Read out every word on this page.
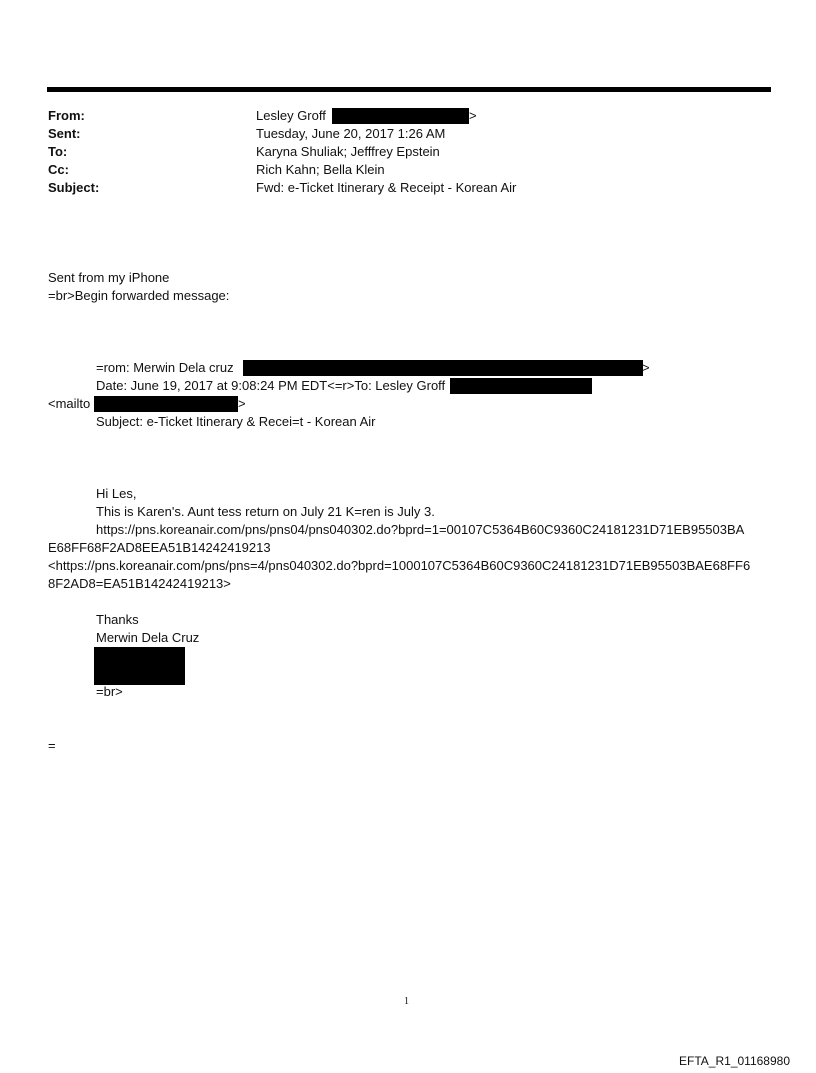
From:	Lesley Groff	>
Sent:	Tuesday, June 20, 2017 1:26 AM
To:	Karyna Shuliak; Jefffrey Epstein
Cc:	Rich Kahn; Bella Klein
Subject:	Fwd: e-Ticket Itinerary & Receipt - Korean Air
Sent from my iPhone
=br>Begin forwarded message:
=rom: Merwin Dela cruz	>
Date: June 19, 2017 at 9:08:24 PM EDT<=r>To: Lesley Groff
<mailto	>
Subject: e-Ticket Itinerary & Recei=t - Korean Air
Hi Les,
This is Karen's. Aunt tess return on July 21 K=ren is July 3.
https://pns.koreanair.com/pns/pns04/pns040302.do?bprd=1=00107C5364B60C9360C24181231D71EB95503BA
E68FF68F2AD8EEA51B14242419213
<https://pns.koreanair.com/pns/pns=4/pns040302.do?bprd=1000107C5364B60C9360C24181231D71EB95503BAE68FF6
8F2AD8=EA51B14242419213>
Thanks
Merwin Dela Cruz
=br>
=
1
EFTA_R1_01168980
